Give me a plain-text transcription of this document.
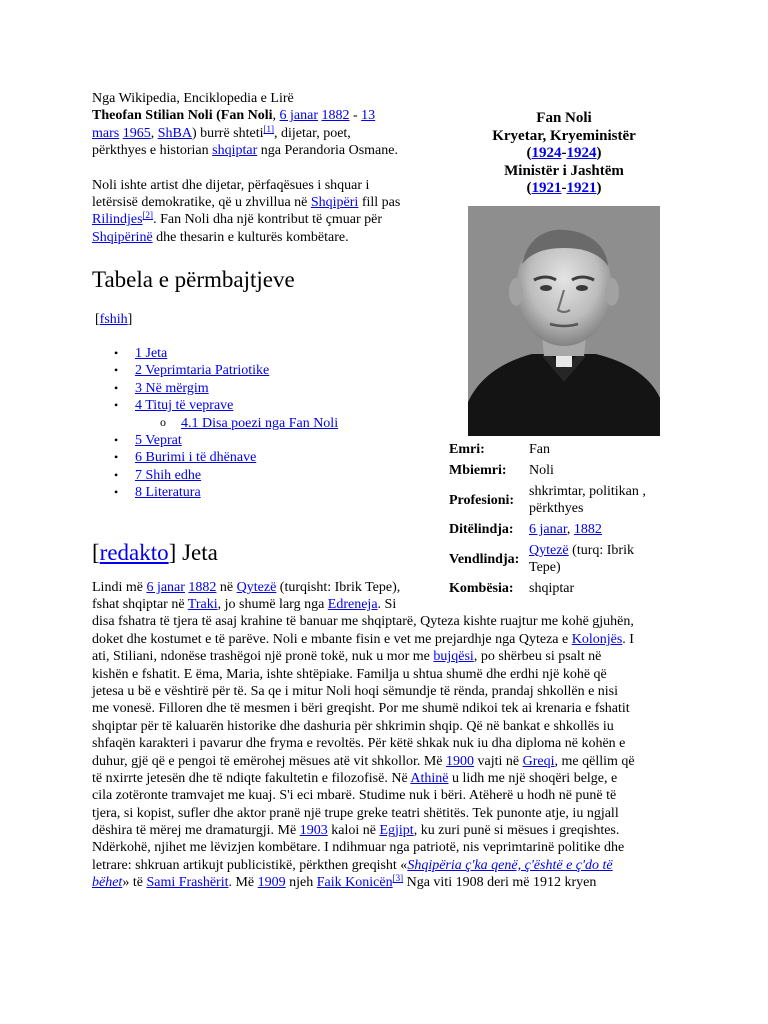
Nga Wikipedia, Enciklopedia e Lirë
Theofan Stilian Noli (Fan Noli, 6 janar 1882 - 13
mars 1965, ShBA) burrë shteti[1], dijetar, poet,
përkthyes e historian shqiptar nga Perandoria Osmane.

Noli ishte artist dhe dijetar, përfaqësues i shquar i
letërsisë demokratike, që u zhvillua në Shqipëri fill pas
Rilindjes[2]. Fan Noli dha një kontribut të çmuar për
Shqipërinë dhe thesarin e kulturës kombëtare.

Tabela e përmbajtjeve
[fshih]
• 1 Jeta
• 2 Veprimtaria Patriotike
• 3 Në mërgim
• 4 Tituj të veprave
o 4.1 Disa poezi nga Fan Noli
• 5 Veprat
• 6 Burimi i të dhënave
• 7 Shih edhe
• 8 Literatura
[redakto] Jeta
Lindi më 6 janar 1882 në Qytezë (turqisht: Ibrik Tepe),
fshat shqiptar në Traki, jo shumë larg nga Edreneja. Si
disa fshatra të tjera të asaj krahine të banuar me shqiptarë, Qyteza kishte ruajtur me kohë gjuhën,
doket dhe kostumet e të parëve. Noli e mbante fisin e vet me prejardhje nga Qyteza e Kolonjës. I
ati, Stiliani, ndonëse trashëgoi një pronë tokë, nuk u mor me bujqësi, po shërbeu si psalt në
kishën e fshatit. E ëma, Maria, ishte shtëpiake. Familja u shtua shumë dhe erdhi një kohë që
jetesa u bë e vështirë për të. Sa qe i mitur Noli hoqi sëmundje të rënda, prandaj shkollën e nisi
me vonesë. Filloren dhe të mesmen i bëri greqisht. Por me shumë ndikoi tek ai krenaria e fshatit
shqiptar për të kaluarën historike dhe dashuria për shkrimin shqip. Që në bankat e shkollës iu
shfaqën karakteri i pavarur dhe fryma e revoltës. Për këtë shkak nuk iu dha diploma në kohën e
duhur, gjë që e pengoi të emërohej mësues atë vit shkollor. Më 1900 vajti në Greqi, me qëllim që
të nxirrte jetesën dhe të ndiqte fakultetin e filozofisë. Në Athinë u lidh me një shoqëri belge, e
cila zotëronte tramvajet me kuaj. S'i eci mbarë. Studime nuk i bëri. Atëherë u hodh në punë të
tjera, si kopist, sufler dhe aktor pranë një trupe greke teatri shëtitës. Tek punonte atje, iu ngjall
dëshira të mërej me dramaturgji. Më 1903 kaloi në Egjipt, ku zuri punë si mësues i greqishtes.
Ndërkohë, njihet me lëvizjen kombëtare. I ndihmuar nga patriotë, nis veprimtarinë politike dhe
letrare: shkruan artikujt publicistikë, përkthen greqisht «Shqipëria ç'ka qenë, ç'është e ç'do të
bëhet» të Sami Frashërit. Më 1909 njeh Faik Konicën[3] Nga viti 1908 deri më 1912 kryen
Fan Noli
Kryetar, Kryeministër
(1924-1924)
Ministër i Jashtëm
(1921-1921)
Emri:	Fan
Mbiemri:	Noli
Profesioni:	shkrimtar, politikan , përkthyes
Ditëlindja:	6 janar, 1882
Vendlindja:	Qytezë (turq: Ibrik Tepe)
Kombësia:	shqiptar
